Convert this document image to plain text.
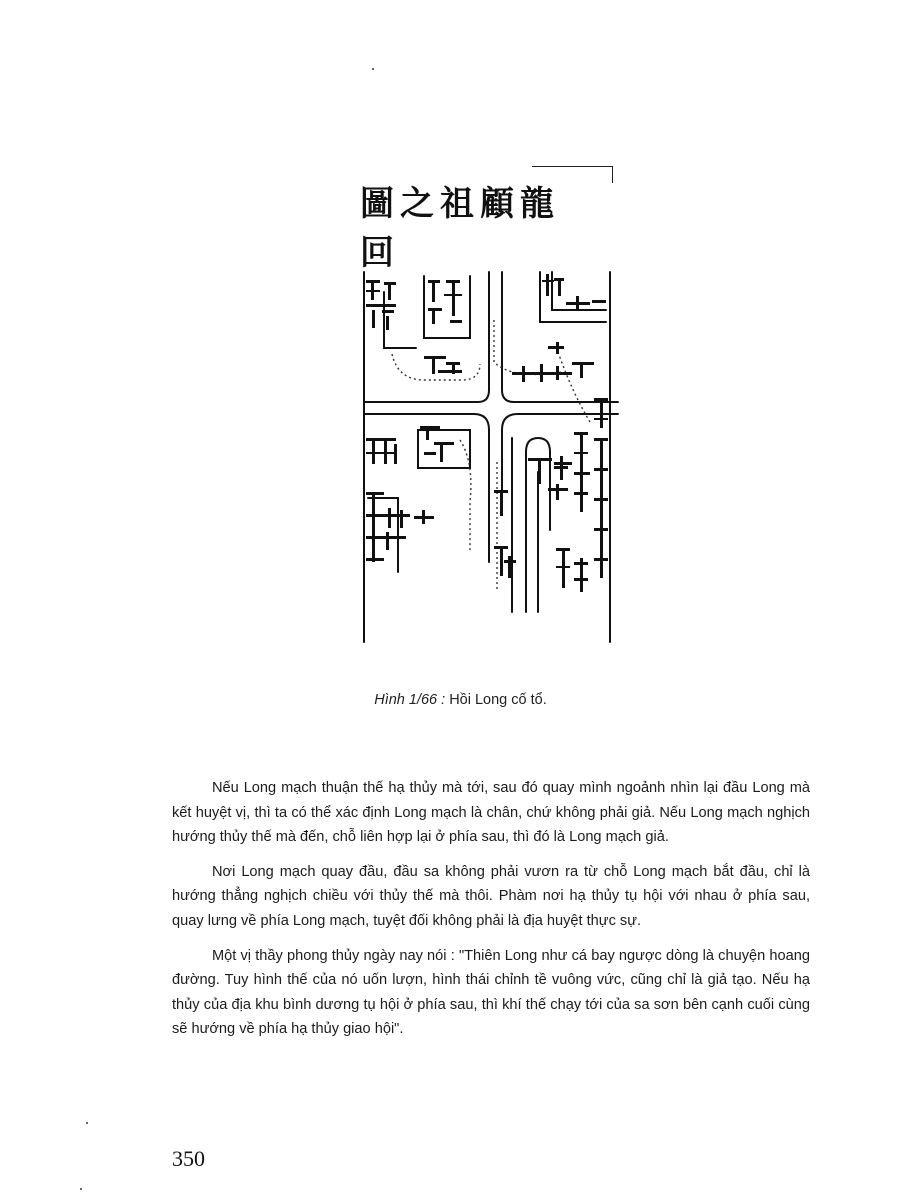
圖之祖顧龍回
Hình 1/66 : Hồi Long cố tổ.

Nếu Long mạch thuận thế hạ thủy mà tới, sau đó quay mình ngoảnh nhìn lại đầu Long mà kết huyệt vị, thì ta có thể xác định Long mạch là chân, chứ không phải giả. Nếu Long mạch nghịch hướng thủy thế mà đến, chỗ liên hợp lại ở phía sau, thì đó là Long mạch giả.

Nơi Long mạch quay đầu, đầu sa không phải vươn ra từ chỗ Long mạch bắt đầu, chỉ là hướng thẳng nghịch chiều với thủy thế mà thôi. Phàm nơi hạ thủy tụ hội với nhau ở phía sau, quay lưng về phía Long mạch, tuyệt đối không phải là địa huyệt thực sự.

Một vị thầy phong thủy ngày nay nói : "Thiên Long như cá bay ngược dòng là chuyện hoang đường. Tuy hình thế của nó uốn lượn, hình thái chỉnh tề vuông vức, cũng chỉ là giả tạo. Nếu hạ thủy của địa khu bình dương tụ hội ở phía sau, thì khí thế chạy tới của sa sơn bên cạnh cuối cùng sẽ hướng về phía hạ thủy giao hội".

350
